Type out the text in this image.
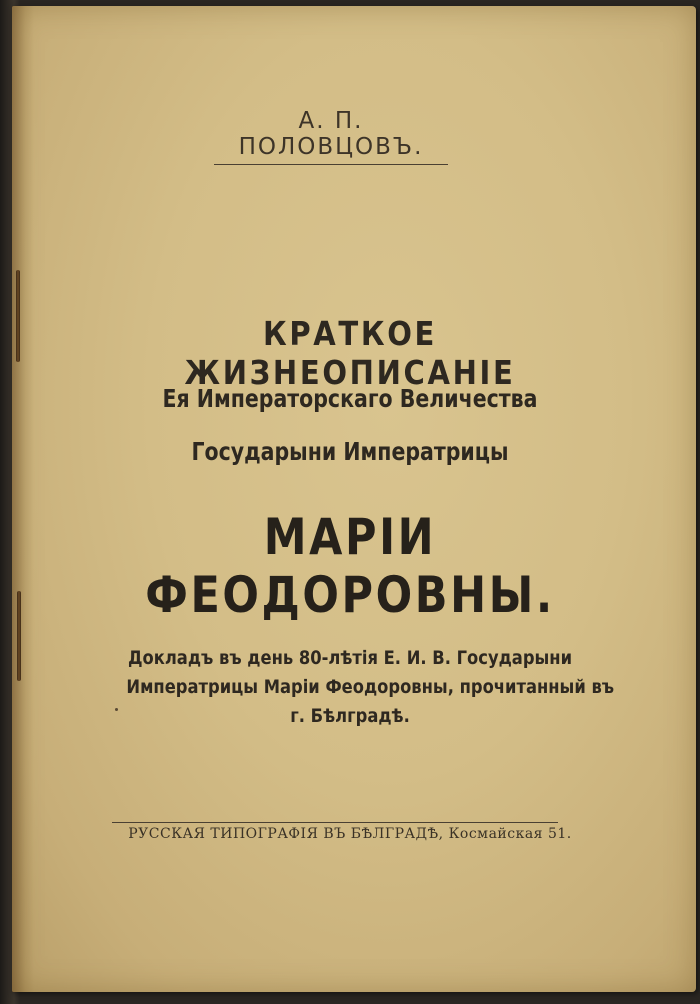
А. П. ПОЛОВЦОВЪ.
КРАТКОЕ ЖИЗНЕОПИСАНІЕ
Ея Императорскаго Величества
Государыни Императрицы
МАРІИ ФЕОДОРОВНЫ.
Докладъ въ день 80-лѣтія Е. И. В. Государыни
Императрицы Маріи Феодоровны, прочитанный въ
г. Бѣлградѣ.
РУССКАЯ ТИПОГРАФІЯ ВЪ БѢЛГРАДѢ, Космайская 51.
